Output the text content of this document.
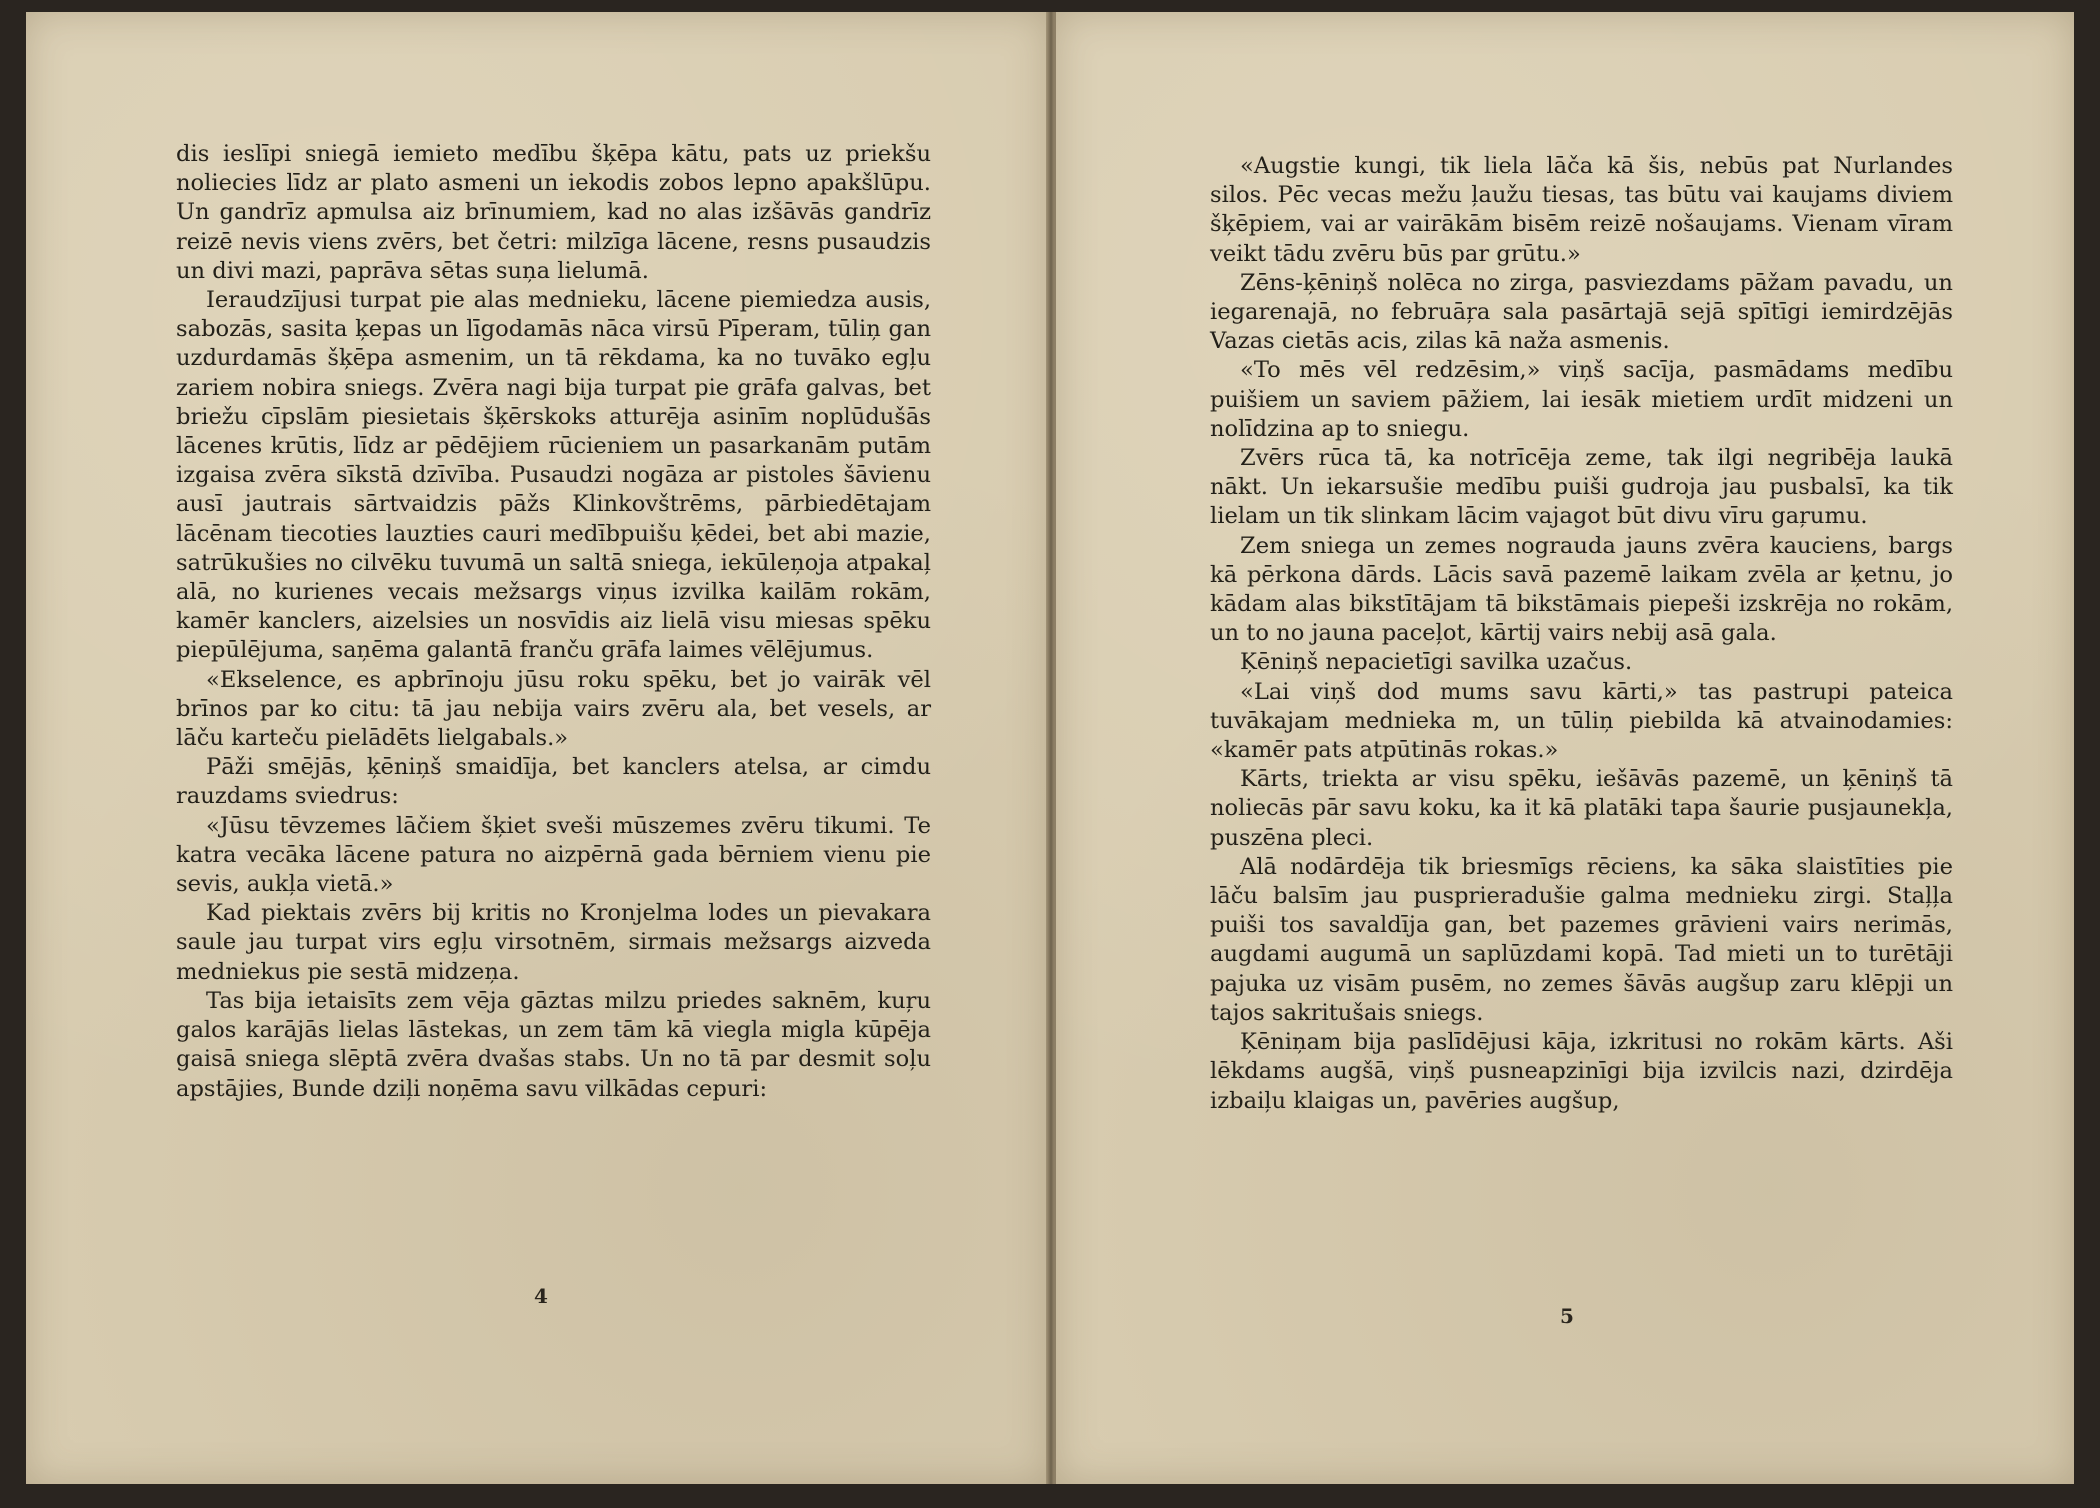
dis ieslīpi sniegā iemieto medību šķēpa kātu, pats uz priekšu noliecies līdz ar plato asmeni un iekodis zobos lepno apakšlūpu. Un gandrīz apmulsa aiz brīnumiem, kad no alas izšāvās gandrīz reizē nevis viens zvērs, bet četri: milzīga lācene, resns pusaudzis un divi mazi, paprāva sētas suņa lielumā.

Ieraudzījusi turpat pie alas mednieku, lācene piemiedza ausis, sabozās, sasita ķepas un līgodamās nāca virsū Pīperam, tūliņ gan uzdurdamās šķēpa asmenim, un tā rēkdama, ka no tuvāko egļu zariem nobira sniegs. Zvēra nagi bija turpat pie grāfa galvas, bet briežu cīpslām piesietais šķērskoks atturēja asinīm noplūdušās lācenes krūtis, līdz ar pēdējiem rūcieniem un pasarkanām putām izgaisa zvēra sīkstā dzīvība. Pusaudzi nogāza ar pistoles šāvienu ausī jautrais sārtvaidzis pāžs Klinkovštrēms, pārbiedētajam lācēnam tiecoties lauzties cauri medībpuišu ķēdei, bet abi mazie, satrūkušies no cilvēku tuvumā un saltā sniega, iekūleņoja atpakaļ alā, no kurienes vecais mežsargs viņus izvilka kailām rokām, kamēr kanclers, aizelsies un nosvīdis aiz lielā visu miesas spēku piepūlējuma, saņēma galantā franču grāfa laimes vēlējumus.

«Ekselence, es apbrīnoju jūsu roku spēku, bet jo vairāk vēl brīnos par ko citu: tā jau nebija vairs zvēru ala, bet vesels, ar lāču karteču pielādēts lielgabals.»

Pāži smējās, ķēniņš smaidīja, bet kanclers atelsa, ar cimdu rauzdams sviedrus:

«Jūsu tēvzemes lāčiem šķiet sveši mūszemes zvēru tikumi. Te katra vecāka lācene patura no aizpērnā gada bērniem vienu pie sevis, aukļa vietā.»

Kad piektais zvērs bij kritis no Kronjelma lodes un pievakara saule jau turpat virs egļu virsotnēm, sirmais mežsargs aizveda medniekus pie sestā midzeņa.

Tas bija ietaisīts zem vēja gāztas milzu priedes saknēm, kuŗu galos karājās lielas lāstekas, un zem tām kā viegla migla kūpēja gaisā sniega slēptā zvēra dvašas stabs. Un no tā par desmit soļu apstājies, Bunde dziļi noņēma savu vilkādas cepuri:

4

«Augstie kungi, tik liela lāča kā šis, nebūs pat Nurlandes silos. Pēc vecas mežu ļaužu tiesas, tas būtu vai kaujams diviem šķēpiem, vai ar vairākām bisēm reizē nošaujams. Vienam vīram veikt tādu zvēru būs par grūtu.»

Zēns-ķēniņš nolēca no zirga, pasviezdams pāžam pavadu, un iegarenajā, no februāŗa sala pasārtajā sejā spītīgi iemirdzējās Vazas cietās acis, zilas kā naža asmenis.

«To mēs vēl redzēsim,» viņš sacīja, pasmādams medību puišiem un saviem pāžiem, lai iesāk mietiem urdīt midzeni un nolīdzina ap to sniegu.

Zvērs rūca tā, ka notrīcēja zeme, tak ilgi negribēja laukā nākt. Un iekarsušie medību puiši gudroja jau pusbalsī, ka tik lielam un tik slinkam lācim vajagot būt divu vīru gaŗumu.

Zem sniega un zemes nograuda jauns zvēra kauciens, bargs kā pērkona dārds. Lācis savā pazemē laikam zvēla ar ķetnu, jo kādam alas bikstītājam tā bikstāmais piepeši izskrēja no rokām, un to no jauna paceļot, kārtij vairs nebij asā gala.

Ķēniņš nepacietīgi savilka uzačus.

«Lai viņš dod mums savu kārti,» tas pastrupi pateica tuvākajam mednieka m, un tūliņ piebilda kā atvainodamies: «kamēr pats atpūtinās rokas.»

Kārts, triekta ar visu spēku, iešāvās pazemē, un ķēniņš tā noliecās pār savu koku, ka it kā platāki tapa šaurie pusjaunekļa, puszēna pleci.

Alā nodārdēja tik briesmīgs rēciens, ka sāka slaistīties pie lāču balsīm jau pusprieradušie galma mednieku zirgi. Staļļa puiši tos savaldīja gan, bet pazemes grāvieni vairs nerimās, augdami augumā un saplūzdami kopā. Tad mieti un to turētāji pajuka uz visām pusēm, no zemes šāvās augšup zaru klēpji un tajos sakritušais sniegs.

Ķēniņam bija paslīdējusi kāja, izkritusi no rokām kārts. Aši lēkdams augšā, viņš pusneapzinīgi bija izvilcis nazi, dzirdēja izbaiļu klaigas un, pavēries augšup,

5
